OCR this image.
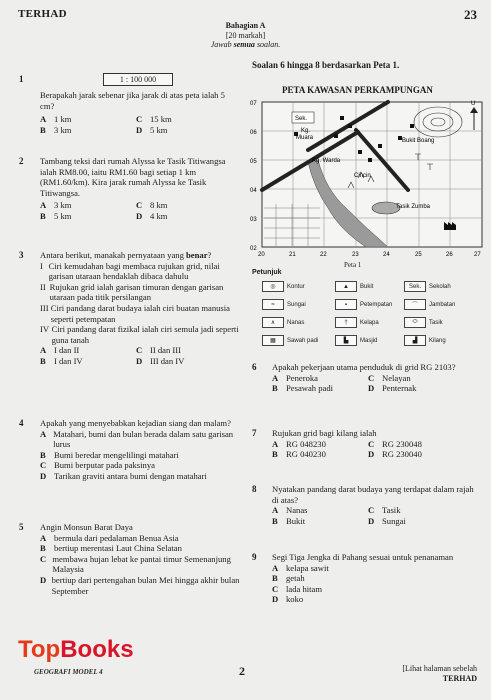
TERHAD	23
Bahagian A
[20 markah]
Jawab semua soalan.
1	1 : 100 000

Berapakah jarak sebenar jika jarak di atas peta ialah 5 cm?

A 1 km	C 15 km
B 3 km	D 5 km
2 Tambang teksi dari rumah Alyssa ke Tasik Titiwangsa ialah RM8.00, iaitu RM1.60 bagi setiap 1 km (RM1.60/km). Kira jarak rumah Alyssa ke Tasik Titiwangsa.

A 3 km	C 8 km
B 5 km	D 4 km
3 Antara berikut, manakah pernyataan yang benar?

I Ciri kemudahan bagi membaca rujukan grid, nilai garisan utaraan hendaklah dibaca dahulu
II Rujukan grid ialah garisan timuran dengan garisan utaraan pada titik persilangan
III Ciri pandang darat budaya ialah ciri buatan manusia seperti petempatan
IV Ciri pandang darat fizikal ialah ciri semula jadi seperti guna tanah
A I dan II	C II dan III
B I dan IV	D III dan IV
4 Apakah yang menyebabkan kejadian siang dan malam?

A Matahari, bumi dan bulan berada dalam satu garisan lurus
B Bumi beredar mengelilingi matahari
C Bumi berputar pada paksinya
D Tarikan graviti antara bumi dengan matahari
5 Angin Monsun Barat Daya

A bermula dari pedalaman Benua Asia
B bertiup merentasi Laut China Selatan
C membawa hujan lebat ke pantai timur Semenanjung Malaysia
D bertiup dari pertengahan bulan Mei hingga akhir bulan September
Soalan 6 hingga 8 berdasarkan Peta 1.
PETA KAWASAN PERKAMPUNGAN
Sek.
Kg. Muara
Kg. Warda
Bukit Boang
Cincin
Tasik Zumba
U
07
06
05
04
03
02
20	21	22	23	24	25	26	27
Peta 1
Petunjuk
◎	Kontur	▲	Bukit	Sek.	Sekolah
≈	Sungai	▪	Petempatan	⌒	Jambatan
∧	Nanas	†	Kelapa	⬭	Tasik
▦	Sawah padi	▙	Masjid	▟	Kilang
6 Apakah pekerjaan utama penduduk di grid RG 2103?

A Peneroka	C Nelayan
B Pesawah padi	D Penternak
7 Rujukan grid bagi kilang ialah

A RG 048230	C RG 230048
B RG 040230	D RG 230040
8 Nyatakan pandang darat budaya yang terdapat dalam rajah di atas?

A Nanas	C Tasik
B Bukit	D Sungai
9 Segi Tiga Jengka di Pahang sesuai untuk penanaman

A kelapa sawit
B getah
C lada hitam
D koko
TopBooks
GEOGRAFI MODEL 4	2	[Lihat halaman sebelah
TERHAD
